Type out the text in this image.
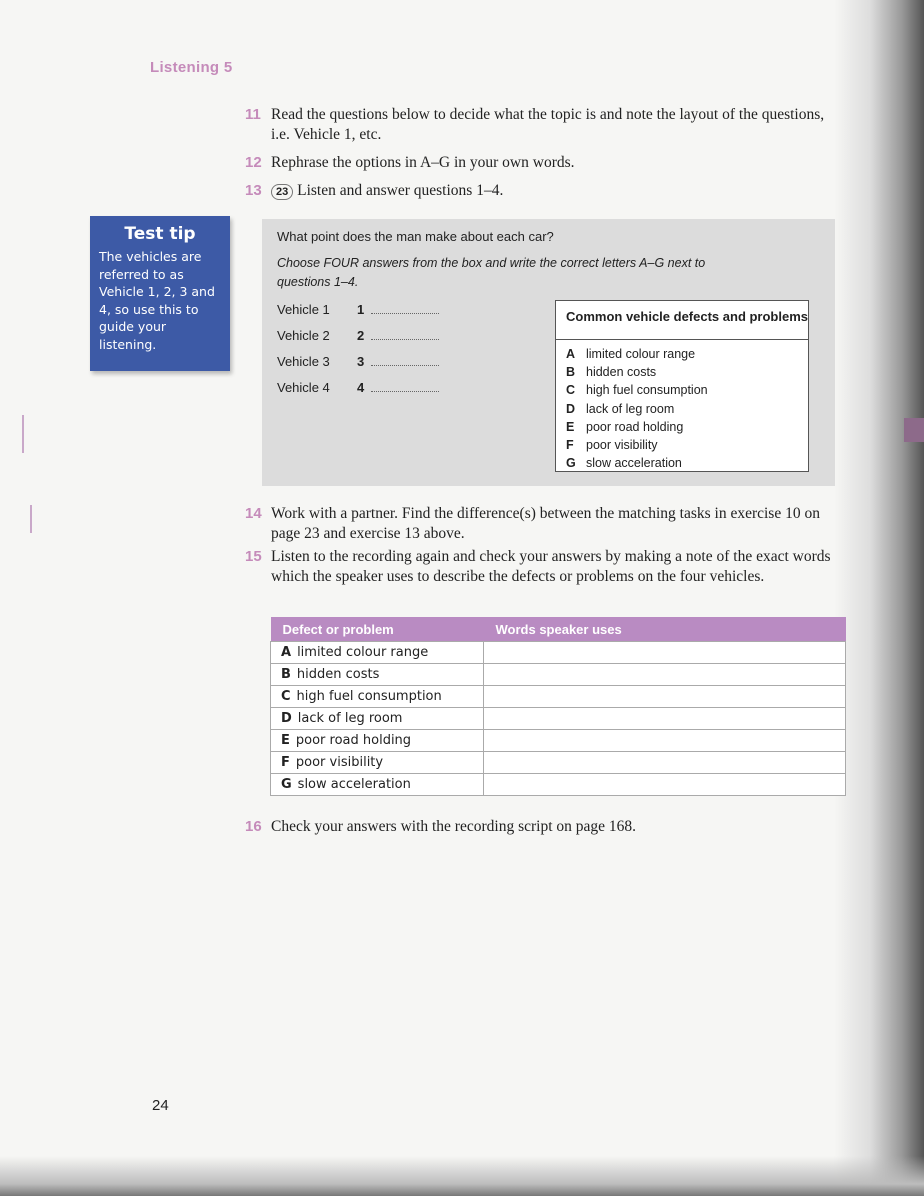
Listening 5
11 Read the questions below to decide what the topic is and note the layout of the questions, i.e. Vehicle 1, etc.
12 Rephrase the options in A–G in your own words.
13	23 Listen and answer questions 1–4.
Test tip
The vehicles are referred to as Vehicle 1, 2, 3 and 4, so use this to guide your listening.
What point does the man make about each car?
Choose FOUR answers from the box and write the correct letters A–G next to questions 1–4.
Vehicle 1 1
Vehicle 2 2
Vehicle 3 3
Vehicle 4 4
Common vehicle defects and problems
A limited colour range
B hidden costs
C high fuel consumption
D lack of leg room
E poor road holding
F poor visibility
G slow acceleration
14 Work with a partner. Find the difference(s) between the matching tasks in exercise 10 on page 23 and exercise 13 above.
15 Listen to the recording again and check your answers by making a note of the exact words which the speaker uses to describe the defects or problems on the four vehicles.
Defect or problem	Words speaker uses
A limited colour range	
B hidden costs	
C high fuel consumption	
D lack of leg room	
E poor road holding	
F poor visibility	
G slow acceleration	
16 Check your answers with the recording script on page 168.
24
